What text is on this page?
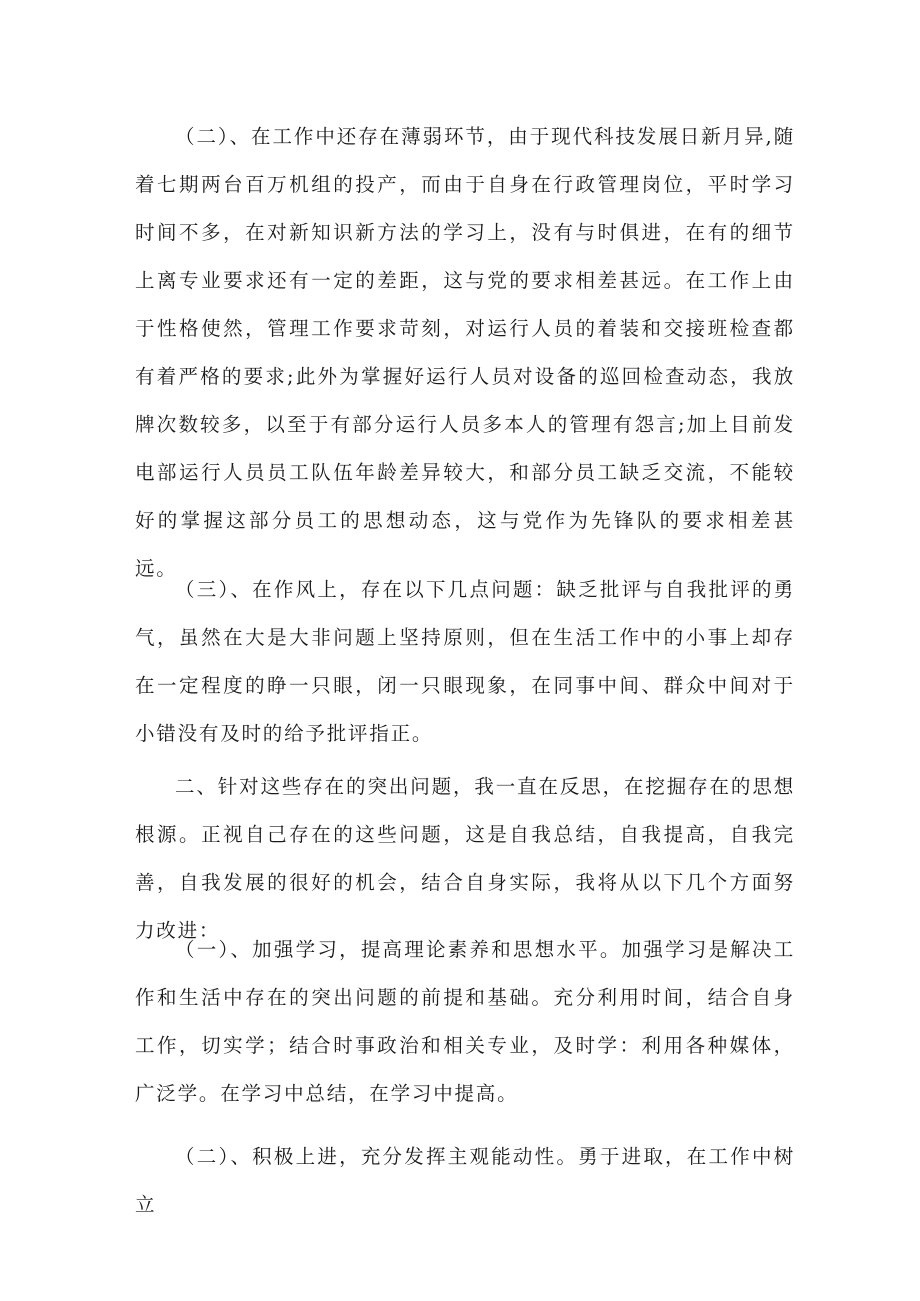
（二）、在工作中还存在薄弱环节，由于现代科技发展日新月异,随着七期两台百万机组的投产，而由于自身在行政管理岗位，平时学习时间不多，在对新知识新方法的学习上，没有与时俱进，在有的细节上离专业要求还有一定的差距，这与党的要求相差甚远。在工作上由于性格使然，管理工作要求苛刻，对运行人员的着装和交接班检查都有着严格的要求;此外为掌握好运行人员对设备的巡回检查动态，我放牌次数较多，以至于有部分运行人员多本人的管理有怨言;加上目前发电部运行人员员工队伍年龄差异较大，和部分员工缺乏交流，不能较好的掌握这部分员工的思想动态，这与党作为先锋队的要求相差甚远。

（三）、在作风上，存在以下几点问题：缺乏批评与自我批评的勇气，虽然在大是大非问题上坚持原则，但在生活工作中的小事上却存在一定程度的睁一只眼，闭一只眼现象，在同事中间、群众中间对于小错没有及时的给予批评指正。

二、针对这些存在的突出问题，我一直在反思，在挖掘存在的思想根源。正视自己存在的这些问题，这是自我总结，自我提高，自我完善，自我发展的很好的机会，结合自身实际，我将从以下几个方面努力改进：

（一）、加强学习，提高理论素养和思想水平。加强学习是解决工作和生活中存在的突出问题的前提和基础。充分利用时间，结合自身工作，切实学；结合时事政治和相关专业，及时学：利用各种媒体，广泛学。在学习中总结，在学习中提高。

（二）、积极上进，充分发挥主观能动性。勇于进取，在工作中树立
